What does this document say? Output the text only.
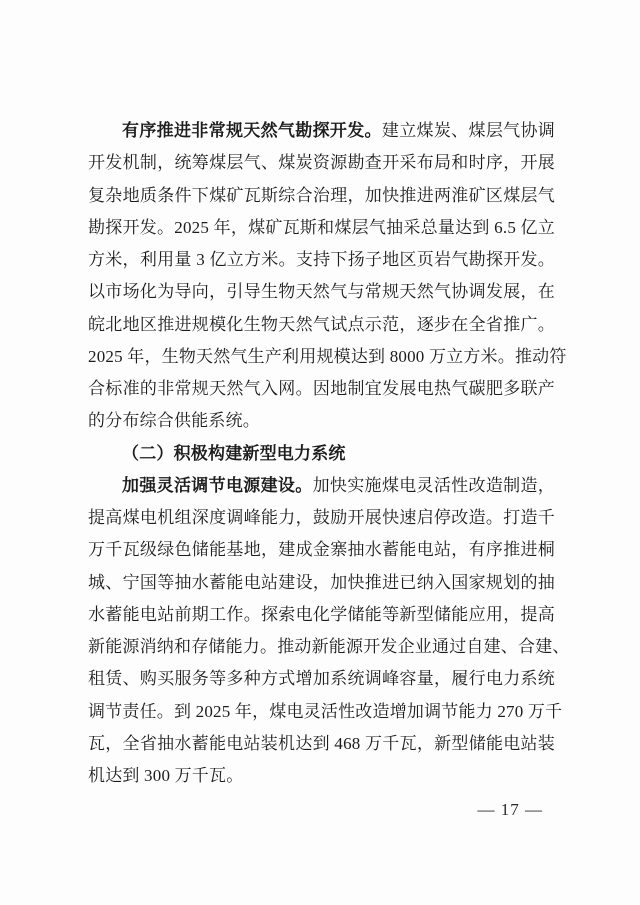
有序推进非常规天然气勘探开发。建立煤炭、煤层气协调
开发机制，统筹煤层气、煤炭资源勘查开采布局和时序，开展
复杂地质条件下煤矿瓦斯综合治理，加快推进两淮矿区煤层气
勘探开发。2025 年，煤矿瓦斯和煤层气抽采总量达到 6.5 亿立
方米，利用量 3 亿立方米。支持下扬子地区页岩气勘探开发。
以市场化为导向，引导生物天然气与常规天然气协调发展，在
皖北地区推进规模化生物天然气试点示范，逐步在全省推广。
2025 年，生物天然气生产利用规模达到 8000 万立方米。推动符
合标准的非常规天然气入网。因地制宜发展电热气碳肥多联产
的分布综合供能系统。
（二）积极构建新型电力系统
加强灵活调节电源建设。加快实施煤电灵活性改造制造，
提高煤电机组深度调峰能力，鼓励开展快速启停改造。打造千
万千瓦级绿色储能基地，建成金寨抽水蓄能电站，有序推进桐
城、宁国等抽水蓄能电站建设，加快推进已纳入国家规划的抽
水蓄能电站前期工作。探索电化学储能等新型储能应用，提高
新能源消纳和存储能力。推动新能源开发企业通过自建、合建、
租赁、购买服务等多种方式增加系统调峰容量，履行电力系统
调节责任。到 2025 年，煤电灵活性改造增加调节能力 270 万千
瓦，全省抽水蓄能电站装机达到 468 万千瓦，新型储能电站装
机达到 300 万千瓦。
— 17 —
